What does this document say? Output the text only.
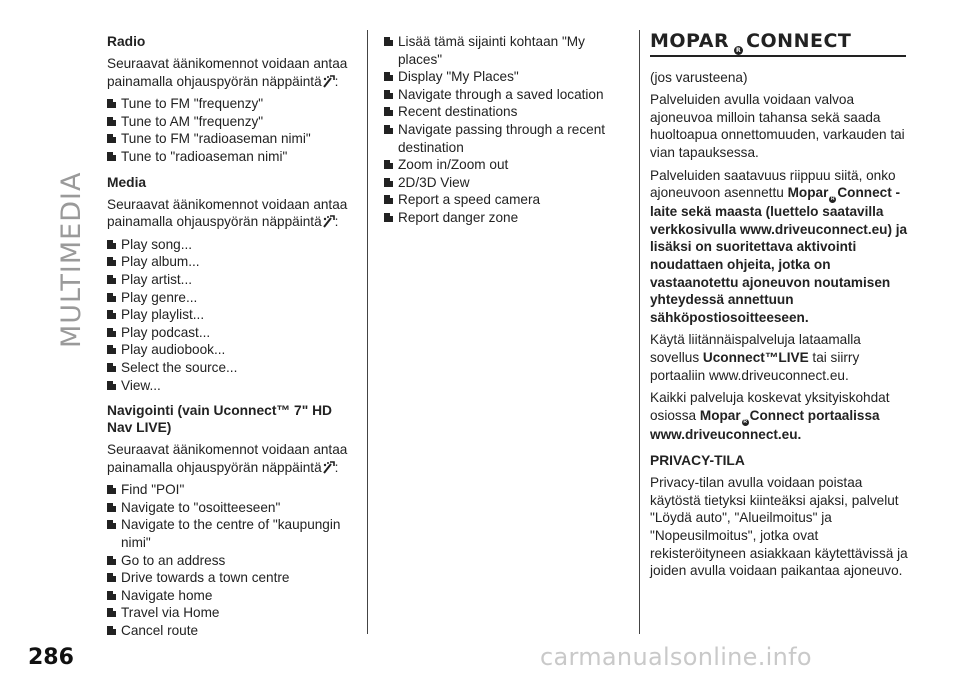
MULTIMEDIA
Radio

Seuraavat äänikomennot voidaan antaa painamalla ohjauspyörän näppäintä :

Tune to FM "frequenzy"
Tune to AM "frequenzy"
Tune to FM "radioaseman nimi"
Tune to "radioaseman nimi"
Media

Seuraavat äänikomennot voidaan antaa painamalla ohjauspyörän näppäintä :

Play song...
Play album...
Play artist...
Play genre...
Play playlist...
Play podcast...
Play audiobook...
Select the source...
View...
Navigointi (vain Uconnect™ 7" HD Nav LIVE)

Seuraavat äänikomennot voidaan antaa painamalla ohjauspyörän näppäintä :

Find "POI"
Navigate to "osoitteeseen"
Navigate to the centre of "kaupungin nimi"
Go to an address
Drive towards a town centre
Navigate home
Travel via Home
Cancel route
Lisää tämä sijainti kohtaan "My places"
Display "My Places"
Navigate through a saved location
Recent destinations
Navigate passing through a recent destination
Zoom in/Zoom out
2D/3D View
Report a speed camera
Report danger zone
MOPAR	R CONNECT

(jos varusteena)

Palveluiden avulla voidaan valvoa ajoneuvoa milloin tahansa sekä saada huoltoapua onnettomuuden, varkauden tai vian tapauksessa.

Palveluiden saatavuus riippuu siitä, onko ajoneuvoon asennettu Mopar R Connect -laite sekä maasta (luettelo saatavilla verkkosivulla www.driveuconnect.eu) ja lisäksi on suoritettava aktivointi noudattaen ohjeita, jotka on vastaanotettu ajoneuvon noutamisen yhteydessä annettuun sähköpostiosoitteeseen.

Käytä liitännäispalveluja lataamalla sovellus Uconnect™LIVE tai siirry portaaliin www.driveuconnect.eu.

Kaikki palveluja koskevat yksityiskohdat osiossa Mopar R Connect portaalissa www.driveuconnect.eu.

PRIVACY-TILA

Privacy-tilan avulla voidaan poistaa käytöstä tietyksi kiinteäksi ajaksi, palvelut "Löydä auto", "Alueilmoitus" ja "Nopeusilmoitus", jotka ovat rekisteröityneen asiakkaan käytettävissä ja joiden avulla voidaan paikantaa ajoneuvo.

286	carmanualsonline.info
